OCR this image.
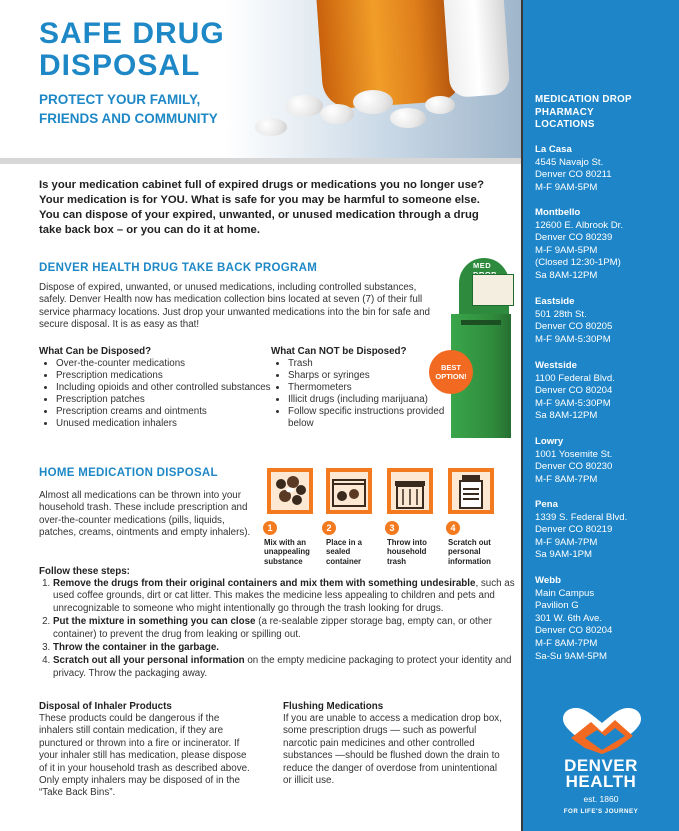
SAFE DRUG
DISPOSAL

PROTECT YOUR FAMILY, FRIENDS AND COMMUNITY

Is your medication cabinet full of expired drugs or medications you no longer use? Your medication is for YOU. What is safe for you may be harmful to someone else. You can dispose of your expired, unwanted, or unused medication through a drug take back box – or you can do it at home.

DENVER HEALTH DRUG TAKE BACK PROGRAM

Dispose of expired, unwanted, or unused medications, including controlled substances, safely. Denver Health now has medication collection bins located at seven (7) of their full service pharmacy locations. Just drop your unwanted medications into the bin for safe and secure disposal. It is as easy as that!

MED
BEST OPTION!

What Can be Disposed?

• Over-the-counter medications
• Prescription medications
• Including opioids and other controlled substances
• Prescription patches
• Prescription creams and ointments
• Unused medication inhalers

What Can NOT be Disposed?

• Trash
• Sharps or syringes
• Thermometers
• Illicit drugs (including marijuana)
• Follow specific instructions provided below
HOME MEDICATION DISPOSAL

Almost all medications can be thrown into your household trash. These include prescription and over-the-counter medications (pills, liquids, patches, creams, ointments and empty inhalers).	1	2	3	4

Mix with an unappealing substance

Place in a sealed container

Throw into household trash

Scratch out personal information

Follow these steps:

1. Remove the drugs from their original containers and mix them with something undesirable, such as used coffee grounds, dirt or cat litter. This makes the medicine less appealing to children and pets and unrecognizable to someone who might intentionally go through the trash looking for drugs.
2. Put the mixture in something you can close (a re-sealable zipper storage bag, empty can, or other container) to prevent the drug from leaking or spilling out.
3. Throw the container in the garbage.
4. Scratch out all your personal information on the empty medicine packaging to protect your identity and privacy. Throw the packaging away.

Disposal of Inhaler Products

These products could be dangerous if the inhalers still contain medication, if they are punctured or thrown into a fire or incinerator. If your inhaler still has medication, please dispose of it in your household trash as described above. Only empty inhalers may be disposed of in the “Take Back Bins”.

Flushing Medications

If you are unable to access a medication drop box, some prescription drugs — such as powerful narcotic pain medicines and other controlled substances —should be flushed down the drain to reduce the danger of overdose from unintentional or illicit use.

MEDICATION DROP PHARMACY LOCATIONS

La Casa
4545 Navajo St.
Denver CO 80211
M-F 9AM-5PM
Montbello
12600 E. Albrook Dr.
Denver CO 80239
M-F 9AM-5PM
(Closed 12:30-1PM)
Sa 8AM-12PM
Eastside
501 28th St.
Denver CO 80205
M-F 9AM-5:30PM
Westside
1100 Federal Blvd.
Denver CO 80204
M-F 9AM-5:30PM
Sa 8AM-12PM
Lowry
1001 Yosemite St.
Denver CO 80230
M-F 8AM-7PM
Pena
1339 S. Federal Blvd.
Denver CO 80219
M-F 9AM-7PM
Sa 9AM-1PM
Webb
Main Campus
Pavilion G
301 W. 6th Ave.
Denver CO 80204
M-F 8AM-7PM
Sa-Su 9AM-5PM

DENVER HEALTH

est. 1860

FOR LIFE'S JOURNEY
